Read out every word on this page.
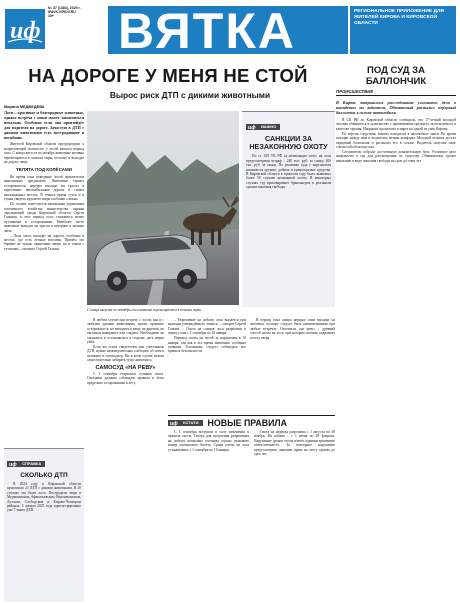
иф
№ 37 (1383), 2025 г.
IFAVK.KIROV.RU
18+	ВЯТКА	РЕГИОНАЛЬНОЕ ПРИЛОЖЕНИЕ ДЛЯ ЖИТЕЛЕЙ КИРОВА И КИРОВСКОЙ ОБЛАСТИ
НА ДОРОГЕ У МЕНЯ НЕ СТОЙ
Вырос риск ДТП с дикими животными
Марина МЕДВЕДЕВА
Лоси – красивые и благородные животные, однако встреча с ними может закончиться печально. Особенно если она произойдёт для водителя на дороге. Зачастую в ДТП с дикими животными есть пострадавшие и погибшие.

Жителей Кировской области предупредили о возрастающей опасности: у лосей начался период гона. С конца августа по октябрь животные активно перемещаются в поисках пары, поэтому и выходят на дорогу чаще.

ТЕЛЯТА ПОД КОЛЁСАМИ

Во время гона поведение лосей практически невозможно предсказать. Животные теряют осторожность, нередко выходят на трассы и пересекают автомобильные дороги в самых неожиданных местах. В тёмное время суток и в туман увидеть крупного зверя особенно сложно.

По словам заместителя начальника управления охотничьего хозяйства министерства охраны окружающей среды Кировской области Сергея Галкина, в этот период лоси становятся менее пугливыми и осторожными. Наиболее часто животные выходят на трассы в вечерние и ночные часы.

– Лоси часто выходят на дороги, особенно в местах, где есть лесные массивы. Причём это бывают не только одиночные звери, но и самки с телятами, – пояснил Сергей Галкин.

иф ВАЖНО
САНКЦИИ ЗА НЕЗАКОННУЮ ОХОТУ

По ст. 258 УК РФ за незаконную охоту на лося предусмотрены штраф – 240 тыс. руб. за самку, 400 тыс. руб. за самца. По решению суда у нарушителя изымаются оружие, добыча и транспортные средства. В Кировской области в прошлом году было выявлено более 50 случаев незаконной охоты. В некоторых случаях суд приговаривает браконьеров к реальным срокам лишения свободы.

С конца августа по октябрь лоси активно перемещаются в поисках пары.

В любом случае при встрече с лосем, как и с любыми дикими животными, нужно проявить осторожность: не выходить к нему, не кричать, не пытаться накормить или гладить. Необходимо не сигналить и остановиться в стороне, дать зверю уйти.

Если вы стали свидетелем или участником ДТП, нужно незамедлительно сообщить об этом в полицию и охотнадзор. Ни в коем случае нельзя самостоятельно забирать тушу животного.

САМОСУД «НА РЕВУ»

С 1 сентября открылась осенняя охота. Охотники должны соблюдать правила и быть предельно осторожными в лесу.

– Разрешение на добычу лося выдаётся при наличии утверждённого лимита, – говорит Сергей Галкин. – Охота на самцов лося разрешена в период гона с 1 сентября по 10 января.

Перевод охоты на лосей за нарушения в 10 января, так как в это время животные особенно уязвимы. Охотникам следует соблюдать все правила безопасности.

В период гона самцы нередко сами выходят на человека, поэтому следует быть внимательными при любых встречах. Охотиться «на реву» – древний способ охоты на лося, при котором охотник подражает голосу зверя.

иф СПРАВКА
СКОЛЬКО ДТП

В 2024 году в Кировской области произошло 21 ДТП с дикими животными. В 10 случаях это были лоси. Пострадали люди в Мурашинском, Афанасьевском, Верхнекамском, Лузском, Слободском и Кирово-Чепецком районах. С начала 2025 года зарегистрировано уже 7 таких ДТП.

иф КСТАТИ	НОВЫЕ ПРАВИЛА

С 1 сентября вступили в силу изменения в правила охоты. Теперь для получения разрешения на добычу копытных охотнику нужно указывать номер охотничьего билета. Сроки охоты на лося установлены: с 1 сентября по 10 января.

Охота на медведя разрешена с 1 августа по 30 ноября. На кабана – с 1 июня по 28 февраля. Нарушение сроков охоты влечёт административную ответственность. За повторное нарушение предусмотрено лишение права на охоту сроком до трёх лет.

ПОД СУД ЗА БАЛЛОНЧИК
ПРОИСШЕСТВИЕ
В Кирове завершилось расследование уголовного дела о нападении на водителя. Обвиняемый распылил перцовый баллончик в салоне автомобиля.

В СК РФ по Кировской области сообщили, что 17-летний молодой человек обвиняется в хулиганстве с применением предмета, используемого в качестве оружия. Инцидент произошёл в марте на одной из улиц Кирова.

По версии следствия, юноша находился в автомобиле такси. Во время поездки между ним и водителем возник конфликт. Молодой человек достал перцовый баллончик и распылил его в салоне. Водитель получил ожог слизистой оболочки глаз.

Следователи собрали достаточную доказательную базу. Уголовное дело направлено в суд для рассмотрения по существу. Обвиняемому грозит наказание в виде лишения свободы на срок до семи лет.
